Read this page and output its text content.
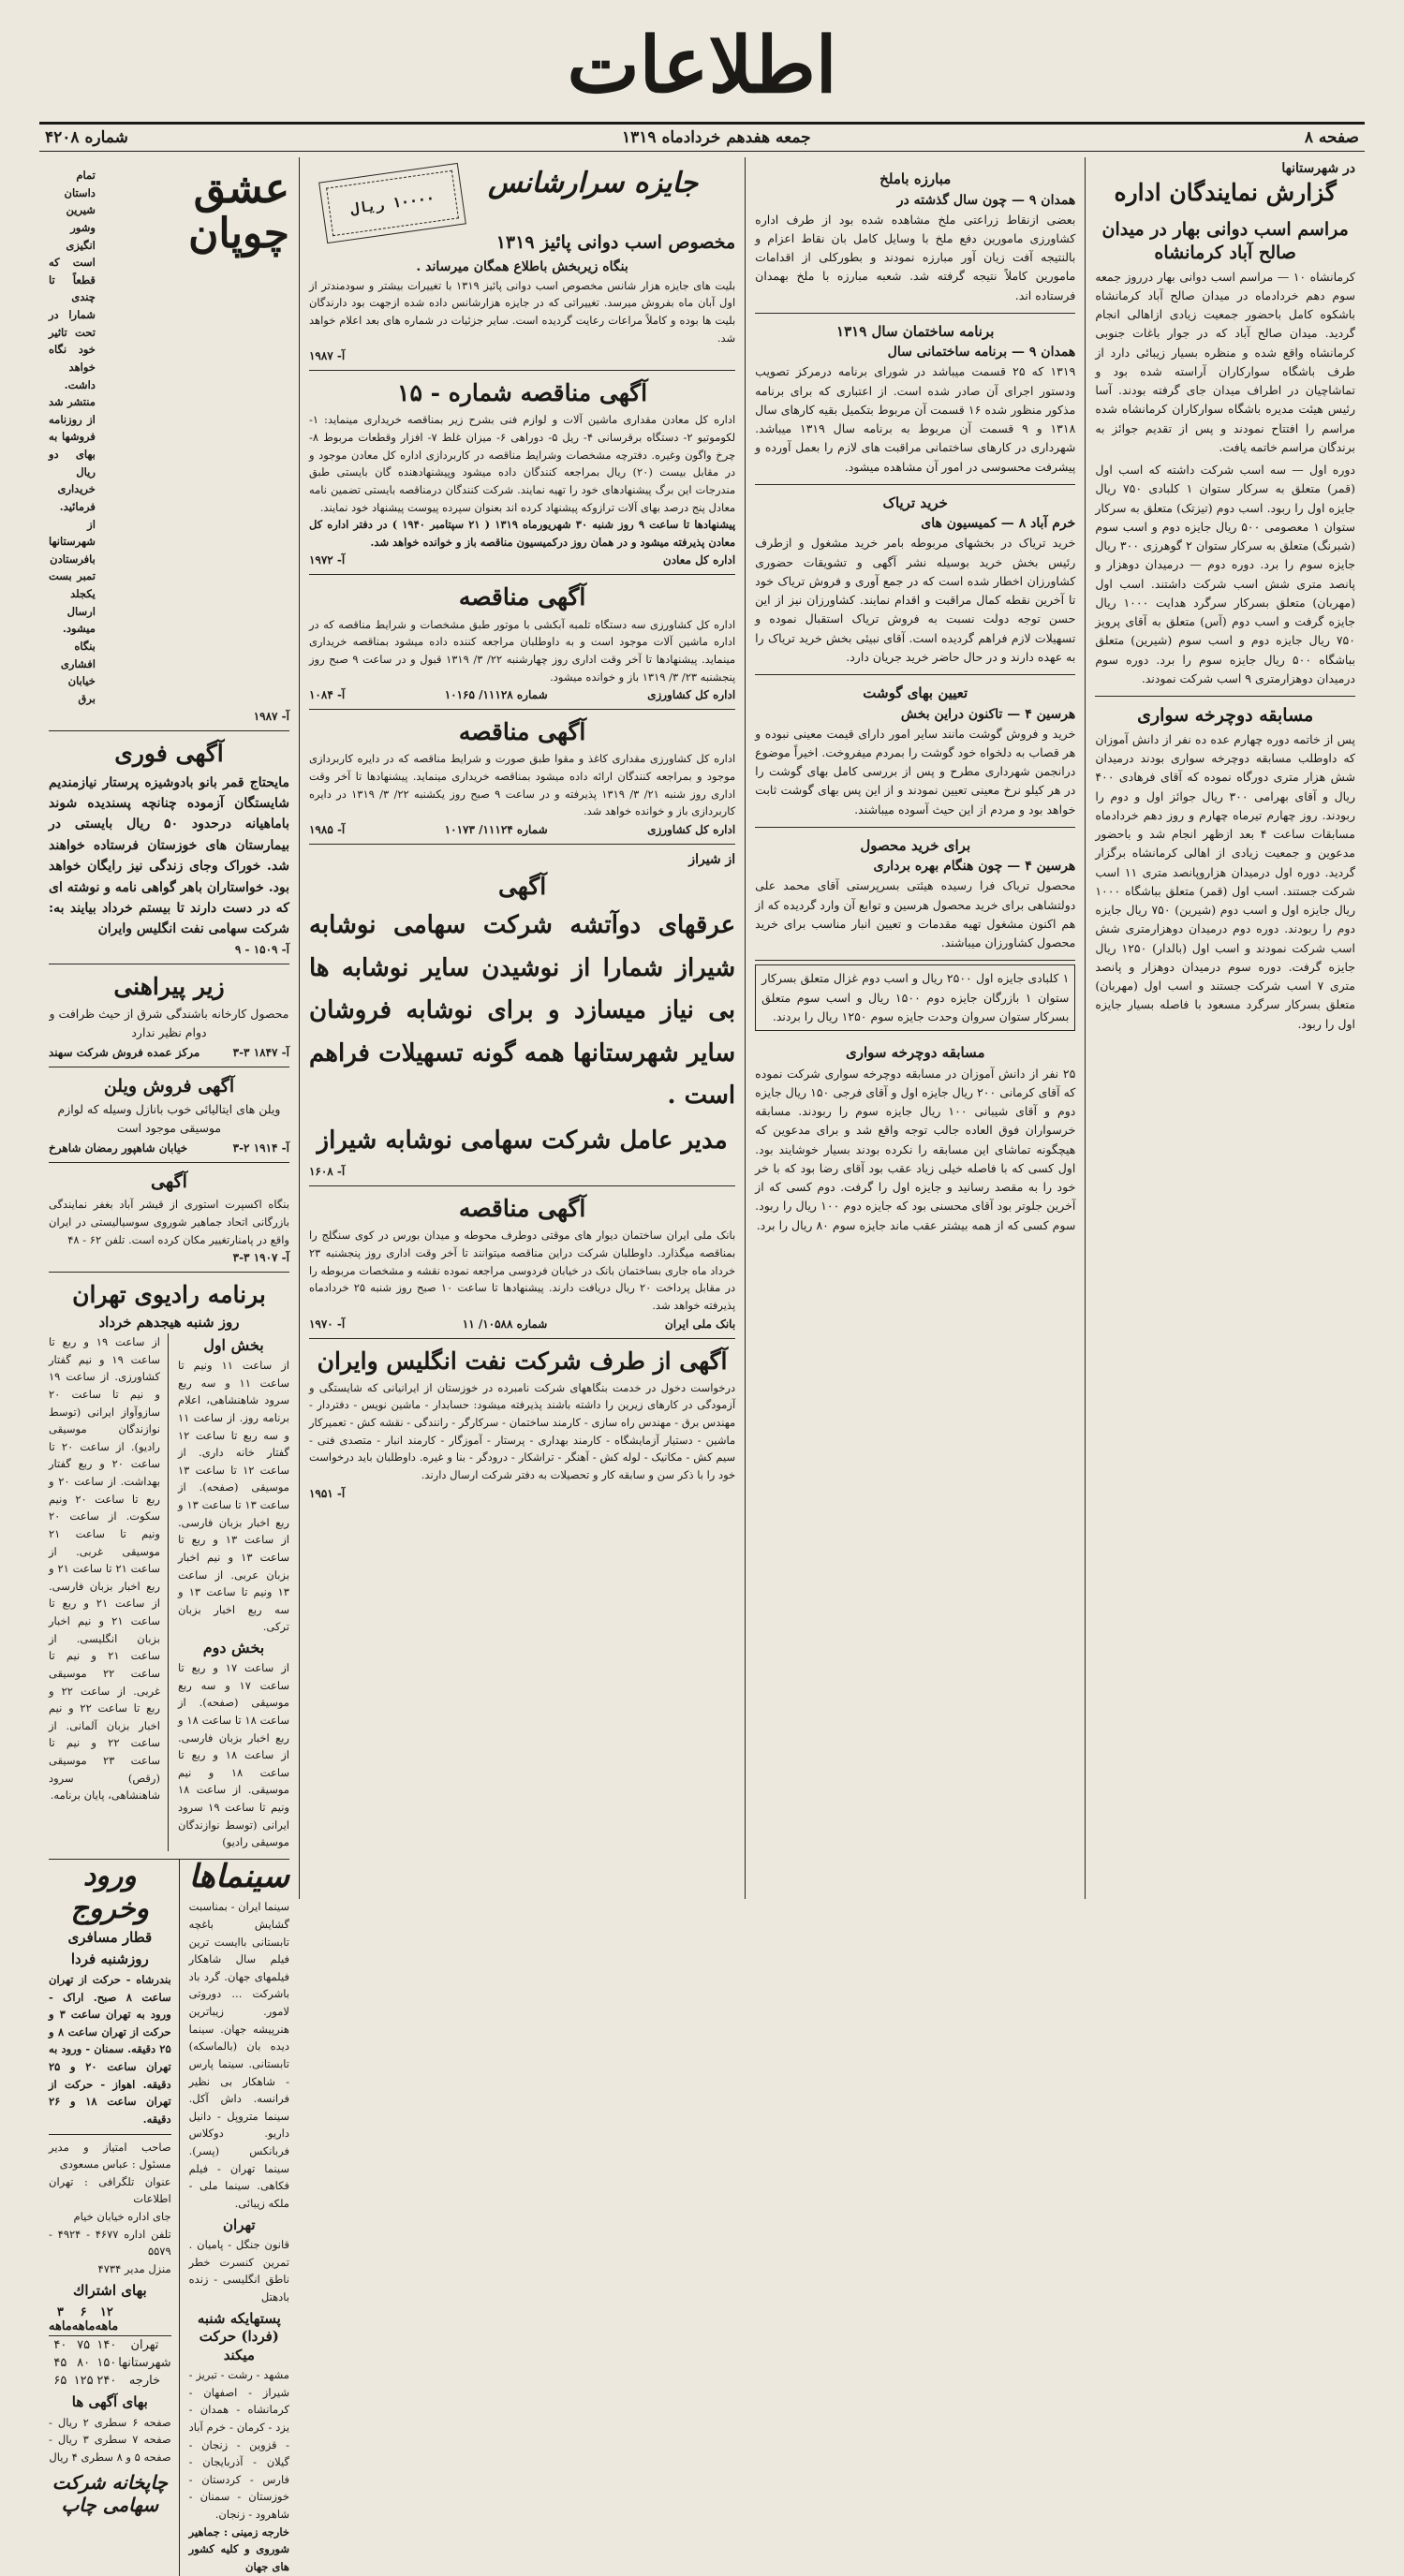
اطلاعات
صفحه ۸
جمعه هفدهم خردادماه ۱۳۱۹
شماره ۴۲۰۸
در شهرستانها
گزارش نمایندگان اداره
مراسم اسب دوانی بهار در میدان صالح آباد کرمانشاه
کرمانشاه ۱۰ — مراسم اسب دوانی بهار درروز جمعه سوم دهم خردادماه در میدان صالح آباد کرمانشاه باشکوه کامل باحضور جمعیت زیادی ازاهالی انجام گردید. میدان صالح آباد که در جوار باغات جنوبی کرمانشاه واقع شده و منظره بسیار زیبائی دارد از طرف باشگاه سوارکاران آراسته شده بود و تماشاچیان در اطراف میدان جای گرفته بودند. آسا رئیس هیئت مدیره باشگاه سوارکاران کرمانشاه شده مراسم را افتتاح نمودند و پس از تقدیم جوائز به برندگان مراسم خاتمه یافت.
دوره اول — سه اسب شرکت داشته که اسب اول (قمر) متعلق به سرکار ستوان ۱ کلبادی ۷۵۰ ریال جایزه اول را ربود. اسب دوم (تیزتک) متعلق به سرکار ستوان ۱ معصومی ۵۰۰ ریال جایزه دوم و اسب سوم (شبرنگ) متعلق به سرکار ستوان ۲ گوهرزی ۳۰۰ ریال جایزه سوم را برد. دوره دوم — درمیدان دوهزار و پانصد متری شش اسب شرکت داشتند. اسب اول (مهربان) متعلق بسرکار سرگرد هدایت ۱۰۰۰ ریال جایزه گرفت و اسب دوم (آس) متعلق به آقای پرویز ۷۵۰ ریال جایزه دوم و اسب سوم (شیرین) متعلق بباشگاه ۵۰۰ ریال جایزه سوم را برد. دوره سوم درمیدان دوهزارمتری ۹ اسب شرکت نمودند.
مسابقه دوچرخه سواری
پس از خاتمه دوره چهارم عده ده نفر از دانش آموزان که داوطلب مسابقه دوچرخه سواری بودند درمیدان شش هزار متری دورگاه نموده که آقای فرهادی ۴۰۰ ریال و آقای بهرامی ۳۰۰ ریال جوائز اول و دوم را ربودند. روز چهارم تیرماه چهارم و روز دهم خردادماه مسابقات ساعت ۴ بعد ازظهر انجام شد و باحضور مدعوین و جمعیت زیادی از اهالی کرمانشاه برگزار گردید. دوره اول درمیدان هزاروپانصد متری ۱۱ اسب شرکت جستند. اسب اول (قمر) متعلق بباشگاه ۱۰۰۰ ریال جایزه اول و اسب دوم (شیرین) ۷۵۰ ریال جایزه دوم را ربودند. دوره دوم درمیدان دوهزارمتری شش اسب شرکت نمودند و اسب اول (بالدار) ۱۲۵۰ ریال جایزه گرفت. دوره سوم درمیدان دوهزار و پانصد متری ۷ اسب شرکت جستند و اسب اول (مهربان) متعلق بسرکار سرگرد مسعود با فاصله بسیار جایزه اول را ربود.
مبارزه باملخ
همدان ۹ — چون سال گذشته در
بعضی ازنقاط زراعتی ملخ مشاهده شده بود از طرف اداره کشاورزی مامورین دفع ملخ با وسایل کامل بان نقاط اعزام و بالنتیجه آفت زیان آور مبارزه نمودند و بطورکلی از اقدامات مامورین کاملاً نتیجه گرفته شد. شعبه مبارزه با ملخ بهمدان فرستاده اند.
برنامه ساختمان سال ۱۳۱۹
همدان ۹ — برنامه ساختمانی سال
۱۳۱۹ که ۲۵ قسمت میباشد در شورای برنامه درمرکز تصویب ودستور اجرای آن صادر شده است. از اعتباری که برای برنامه مذکور منظور شده ۱۶ قسمت آن مربوط بتکمیل بقیه کارهای سال ۱۳۱۸ و ۹ قسمت آن مربوط به برنامه سال ۱۳۱۹ میباشد. شهرداری در کارهای ساختمانی مراقبت های لازم را بعمل آورده و پیشرفت محسوسی در امور آن مشاهده میشود.
خرید تریاک
خرم آباد ۸ — کمیسیون های
خرید تریاک در بخشهای مربوطه بامر خرید مشغول و ازطرف رئیس بخش خرید بوسیله نشر آگهی و تشویقات حضوری کشاورزان اخطار شده است که در جمع آوری و فروش تریاک خود تا آخرین نقطه کمال مراقبت و اقدام نمایند. کشاورزان نیز از این حسن توجه دولت نسبت به فروش تریاک استقبال نموده و تسهیلات لازم فراهم گردیده است. آقای نبیئی بخش خرید تریاک را به عهده دارند و در حال حاضر خرید جریان دارد.
تعیین بهای گوشت
هرسین ۴ — تاکنون دراین بخش
خرید و فروش گوشت مانند سایر امور دارای قیمت معینی نبوده و هر قصاب به دلخواه خود گوشت را بمردم میفروخت. اخیراً موضوع درانجمن شهرداری مطرح و پس از بررسی کامل بهای گوشت را در هر کیلو نرخ معینی تعیین نمودند و از این پس بهای گوشت ثابت خواهد بود و مردم از این حیث آسوده میباشند.
برای خرید محصول
هرسین ۴ — چون هنگام بهره برداری
محصول تریاک فرا رسیده هیئتی بسرپرستی آقای محمد علی دولتشاهی برای خرید محصول هرسین و توابع آن وارد گردیده که از هم اکنون مشغول تهیه مقدمات و تعیین انبار مناسب برای خرید محصول کشاورزان میباشند.
۱ کلبادی جایزه اول ۲۵۰۰ ریال و اسب دوم غزال متعلق بسرکار ستوان ۱ بازرگان جایزه دوم ۱۵۰۰ ریال و اسب سوم متعلق بسرکار ستوان سروان وحدت جایزه سوم ۱۲۵۰ ریال را بردند.
مسابقه دوچرخه سواری
۲۵ نفر از دانش آموزان در مسابقه دوچرخه سواری شرکت نموده که آقای کرمانی ۲۰۰ ریال جایزه اول و آقای فرجی ۱۵۰ ریال جایزه دوم و آقای شیبانی ۱۰۰ ریال جایزه سوم را ربودند. مسابقه خرسواران فوق العاده جالب توجه واقع شد و برای مدعوین که هیچگونه تماشای این مسابقه را نکرده بودند بسیار خوشایند بود. اول کسی که با فاصله خیلی زیاد عقب بود آقای رضا بود که با خر خود را به مقصد رسانید و جایزه اول را گرفت. دوم کسی که از آخرین جلوتر بود آقای محسنی بود که جایزه دوم ۱۰۰ ریال را ربود. سوم کسی که از همه بیشتر عقب ماند جایزه سوم ۸۰ ریال را برد.
۱۰۰۰۰ ریال
جایزه سرارشانس
مخصوص اسب دوانی پائیز ۱۳۱۹
بنگاه زیربخش باطلاع همگان میرساند .
بلیت های جایزه هزار شانس مخصوص اسب دوانی پائیز ۱۳۱۹ با تغییرات بیشتر و سودمندتر از اول آبان ماه بفروش میرسد. تغییراتی که در جایزه هزارشانس داده شده ازجهت بود دارندگان بلیت ها بوده و کاملاً مراعات رعایت گردیده است. سایر جزئیات در شماره های بعد اعلام خواهد شد.
آ- ۱۹۸۷
آگهی مناقصه شماره - ۱۵
اداره کل معادن مقداری ماشین آلات و لوازم فنی بشرح زیر بمناقصه خریداری مینماید: ۱- لکوموتیو ۲- دستگاه برقرسانی ۴- ریل ۵- دوراهی ۶- میزان غلط ۷- افزار وقطعات مربوط ۸- چرخ واگون وغیره. دفترچه مشخصات وشرایط مناقصه در کاربردازی اداره کل معادن موجود و در مقابل بیست (۲۰) ریال بمراجعه کنندگان داده میشود وپیشنهادهنده گان بایستی طبق مندرجات این برگ پیشنهادهای خود را تهیه نمایند. شرکت کنندگان درمناقصه بایستی تضمین نامه معادل پنج درصد بهای آلات ترازوکه پیشنهاد کرده اند بعنوان سپرده پیوست پیشنهاد خود نمایند.
پیشنهادها تا ساعت ۹ روز شنبه ۳۰ شهریورماه ۱۳۱۹ ( ۲۱ سپتامبر ۱۹۴۰ ) در دفتر اداره کل معادن پذیرفته میشود و در همان روز درکمیسیون مناقصه باز و خوانده خواهد شد.
اداره کل معادن
آ- ۱۹۷۲
آگهی مناقصه
اداره کل کشاورزی سه دستگاه تلمبه آبکشی با موتور طبق مشخصات و شرایط مناقصه که در اداره ماشین آلات موجود است و به داوطلبان مراجعه کننده داده میشود بمناقصه خریداری مینماید. پیشنهادها تا آخر وقت اداری روز چهارشنبه ۲۲/ ۳/ ۱۳۱۹ قبول و در ساعت ۹ صبح روز پنجشنبه ۲۳/ ۳/ ۱۳۱۹ باز و خوانده میشود.
اداره کل کشاورزی
شماره ۱۱۱۲۸/ ۱۰۱۶۵
آ- ۱۰۸۴
آگهی مناقصه
اداره کل کشاورزی مقداری کاغذ و مقوا طبق صورت و شرایط مناقصه که در دایره کاربردازی موجود و بمراجعه کنندگان ارائه داده میشود بمناقصه خریداری مینماید. پیشنهادها تا آخر وقت اداری روز شنبه ۲۱/ ۳/ ۱۳۱۹ پذیرفته و در ساعت ۹ صبح روز یکشنبه ۲۲/ ۳/ ۱۳۱۹ در دایره کاربردازی باز و خوانده خواهد شد.
اداره کل کشاورزی
شماره ۱۱۱۲۴/ ۱۰۱۷۳
آ- ۱۹۸۵
از شیراز
آگهی
عرقهای دوآتشه شرکت سهامی نوشابه شیراز شمارا از نوشیدن سایر نوشابه ها بی نیاز میسازد و برای نوشابه فروشان سایر شهرستانها همه گونه تسهیلات فراهم است .
مدیر عامل شرکت سهامی نوشابه شیراز
آ- ۱۶۰۸
آگهی مناقصه
بانک ملی ایران ساختمان دیوار های موقتی دوطرف محوطه و میدان بورس در کوی سنگلج را بمناقصه میگذارد. داوطلبان شرکت دراین مناقصه میتوانند تا آخر وقت اداری روز پنجشنبه ۲۳ خرداد ماه جاری بساختمان بانک در خیابان فردوسی مراجعه نموده نقشه و مشخصات مربوطه را در مقابل پرداخت ۲۰ ریال دریافت دارند. پیشنهادها تا ساعت ۱۰ صبح روز شنبه ۲۵ خردادماه پذیرفته خواهد شد.
بانک ملی ایران
شماره ۱۰۵۸۸/ ۱۱
آ- ۱۹۷۰
آگهی از طرف شرکت نفت انگلیس وایران
درخواست دخول در خدمت بنگاههای شرکت نامبرده در خوزستان از ایرانیانی که شایستگی و آزمودگی در کارهای زیرین را داشته باشند پذیرفته میشود: حسابدار - ماشین نویس - دفتردار - مهندس برق - مهندس راه سازی - کارمند ساختمان - سرکارگر - رانندگی - نقشه کش - تعمیرکار ماشین - دستیار آزمایشگاه - کارمند بهداری - پرستار - آموزگار - کارمند انبار - متصدی فنی - سیم کش - مکانیک - لوله کش - آهنگر - تراشکار - درودگر - بنا و غیره. داوطلبان باید درخواست خود را با ذکر سن و سابقه کار و تحصیلات به دفتر شرکت ارسال دارند.
آ- ۱۹۵۱
عشق چوپان
تمام داستان شیرین وشور انگیزی است که قطعاً تا چندی شمارا در تحت تاثیر خود نگاه خواهد داشت. منتشر شد از روزنامه فروشها به بهای دو ریال خریداری فرمائید. از شهرستانها بافرستادن تمبر بست یکجلد ارسال میشود. بنگاه افشاری خیابان برق
آ- ۱۹۸۷
آگهی فوری
مایحتاج قمر بانو بادوشیزه پرستار نیازمندیم شایستگان آزموده چنانچه پسندیده شوند باماهیانه درحدود ۵۰ ریال بایستی در بیمارستان های خوزستان فرستاده خواهند شد. خوراک وجای زندگی نیز رایگان خواهد بود. خواستاران باهر گواهی نامه و نوشته ای که در دست دارند تا بیستم خرداد بیایند به: شرکت سهامی نفت انگلیس وایران
آ- ۱۵۰۹ - ۹
زیر پیراهنی
محصول کارخانه باشندگی شرق از حیث ظرافت و دوام نظیر ندارد
آ- ۱۸۴۷ ۳-۳
مرکز عمده فروش شرکت سهند
آگهی فروش ویلن
ویلن های ایتالیائی خوب بانازل وسیله که لوازم موسیقی موجود است
آ- ۱۹۱۴ ۲-۳
خیابان شاهپور رمضان شاهرخ
آگهی
بنگاه اکسپرت استوری از قیشر آباد بغفر نمایندگی بازرگانی اتحاد جماهیر شوروی سوسیالیستی در ایران واقع در پامنارتغییر مکان کرده است. تلفن ۶۲ - ۴۸
آ- ۱۹۰۷ ۳-۳
برنامه رادیوی تهران
روز شنبه هیجدهم خرداد
بخش اول
از ساعت ۱۱ ونیم تا ساعت ۱۱ و سه ربع سرود شاهنشاهی، اعلام برنامه روز. از ساعت ۱۱ و سه ربع تا ساعت ۱۲ گفتار خانه داری. از ساعت ۱۲ تا ساعت ۱۳ موسیقی (صفحه). از ساعت ۱۳ تا ساعت ۱۳ و ربع اخبار بزبان فارسی. از ساعت ۱۳ و ربع تا ساعت ۱۳ و نیم اخبار بزبان عربی. از ساعت ۱۳ ونیم تا ساعت ۱۳ و سه ربع اخبار بزبان ترکی.
بخش دوم
از ساعت ۱۷ و ربع تا ساعت ۱۷ و سه ربع موسیقی (صفحه). از ساعت ۱۸ تا ساعت ۱۸ و ربع اخبار بزبان فارسی. از ساعت ۱۸ و ربع تا ساعت ۱۸ و نیم موسیقی. از ساعت ۱۸ ونیم تا ساعت ۱۹ سرود ایرانی (توسط نوازندگان موسیقی رادیو)
از ساعت ۱۹ و ربع تا ساعت ۱۹ و نیم گفتار کشاورزی. از ساعت ۱۹ و نیم تا ساعت ۲۰ سازوآواز ایرانی (توسط نوازندگان موسیقی رادیو). از ساعت ۲۰ تا ساعت ۲۰ و ربع گفتار بهداشت. از ساعت ۲۰ و ربع تا ساعت ۲۰ ونیم سکوت. از ساعت ۲۰ ونیم تا ساعت ۲۱ موسیقی غربی. از ساعت ۲۱ تا ساعت ۲۱ و ربع اخبار بزبان فارسی. از ساعت ۲۱ و ربع تا ساعت ۲۱ و نیم اخبار بزبان انگلیسی. از ساعت ۲۱ و نیم تا ساعت ۲۲ موسیقی غربی. از ساعت ۲۲ و ربع تا ساعت ۲۲ و نیم اخبار بزبان آلمانی. از ساعت ۲۲ و نیم تا ساعت ۲۳ موسیقی (رقص) سرود شاهنشاهی، پایان برنامه.
سینماها
سینما ایران - بمناسبت گشایش باغچه تابستانی باایست ترین فیلم سال شاهکار فیلمهای جهان. گرد باد باشرکت ... دوروتی لامور. زیباترین هنرپیشه جهان. سینما دیده بان (بالماسکه) تابستانی. سینما پارس - شاهکار بی نظیر فرانسه. داش آکل. سینما متروپل - دانیل داریو. دوکلاس فربانکس (پسر). سینما تهران - فیلم فکاهی. سینما ملی - ملکه زیبائی.
تهران
قانون جنگل - پامیان . تمرین کنسرت خطر ناطق انگلیسی - زنده بادهتل
پستهایکه شنبه (فردا) حرکت میکند
مشهد - رشت - تبریز - شیراز - اصفهان - کرمانشاه - همدان - یزد - کرمان - خرم آباد - قزوین - زنجان - گیلان - آذربایجان - فارس - کردستان - خوزستان - سمنان - شاهرود - زنجان.
خارجه زمینی : جماهیر شوروی و کلیه کشور های جهان
ورود وخروج
قطار مسافری
روزشنبه فردا
بندرشاه - حرکت از تهران ساعت ۸ صبح. اراک - ورود به تهران ساعت ۳ و حرکت از تهران ساعت ۸ و ۲۵ دقیقه. سمنان - ورود به تهران ساعت ۲۰ و ۲۵ دقیقه. اهواز - حرکت از تهران ساعت ۱۸ و ۲۶ دقیقه.
صاحب امتیاز و مدیر مسئول : عباس مسعودی
عنوان تلگرافی : تهران اطلاعات
جای اداره خیابان خیام
تلفن اداره ۴۶۷۷ - ۴۹۲۴ - ۵۵۷۹
منزل مدیر ۴۷۳۴
بهای اشتراك
	۱۲ ماهه	۶ ماهه	۳ ماهه
تهران	۱۴۰	۷۵	۴۰
شهرستانها	۱۵۰	۸۰	۴۵
خارجه	۲۴۰	۱۲۵	۶۵
بهای آگهی ها
صفحه ۶ سطری ۲ ریال - صفحه ۷ سطری ۳ ریال - صفحه ۵ و ۸ سطری ۴ ریال
چاپخانه شرکت سهامی چاپ
